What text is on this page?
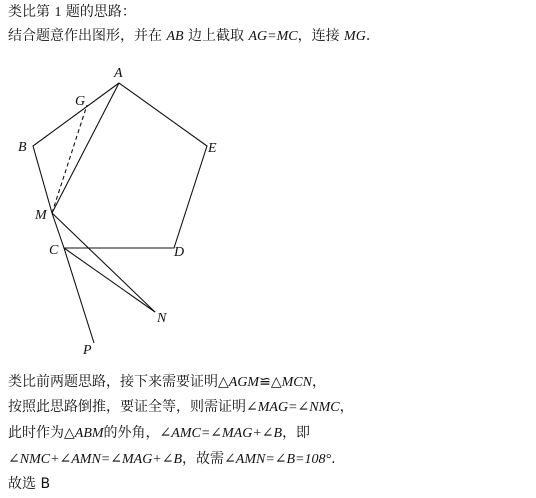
类比第 1 题的思路：
结合题意作出图形，并在 AB 边上截取 AG=MC，连接 MG.
A
G
B	E
M
C	D
N
P
类比前两题思路，接下来需要证明△AGM≌△MCN，
按照此思路倒推，要证全等，则需证明∠MAG=∠NMC，
此时作为△ABM的外角，∠AMC=∠MAG+∠B，即
∠NMC+∠AMN=∠MAG+∠B，故需∠AMN=∠B=108°.
故选 B
